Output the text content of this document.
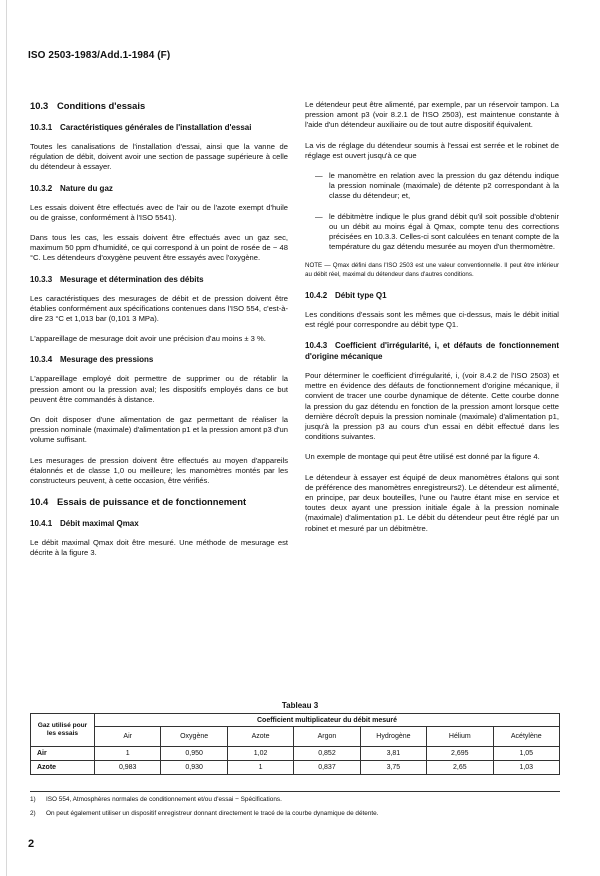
ISO 2503-1983/Add.1-1984 (F)
10.3 Conditions d'essais
10.3.1 Caractéristiques générales de l'installation d'essai

Toutes les canalisations de l'installation d'essai, ainsi que la vanne de régulation de débit, doivent avoir une section de passage supérieure à celle du détendeur à essayer.

10.3.2 Nature du gaz

Les essais doivent être effectués avec de l'air ou de l'azote exempt d'huile ou de graisse, conformément à l'ISO 5541).

Dans tous les cas, les essais doivent être effectués avec un gaz sec, maximum 50 ppm d'humidité, ce qui correspond à un point de rosée de − 48 °C. Les détendeurs d'oxygène peuvent être essayés avec l'oxygène.

10.3.3 Mesurage et détermination des débits

Les caractéristiques des mesurages de débit et de pression doivent être établies conformément aux spécifications contenues dans l'ISO 554, c'est-à-dire 23 °C et 1,013 bar (0,101 3 MPa).

L'appareillage de mesurage doit avoir une précision d'au moins ± 3 %.

10.3.4 Mesurage des pressions

L'appareillage employé doit permettre de supprimer ou de rétablir la pression amont ou la pression aval; les dispositifs employés dans ce but peuvent être commandés à distance.

On doit disposer d'une alimentation de gaz permettant de réaliser la pression nominale (maximale) d'alimentation p1 et la pression amont p3 d'un volume suffisant.

Les mesurages de pression doivent être effectués au moyen d'appareils étalonnés et de classe 1,0 ou meilleure; les manomètres montés par les constructeurs peuvent, à cette occasion, être vérifiés.

10.4 Essais de puissance et de fonctionnement
10.4.1 Débit maximal Qmax

Le débit maximal Qmax doit être mesuré. Une méthode de mesurage est décrite à la figure 3.

Le détendeur peut être alimenté, par exemple, par un réservoir tampon. La pression amont p3 (voir 8.2.1 de l'ISO 2503), est maintenue constante à l'aide d'un détendeur auxiliaire ou de tout autre dispositif équivalent.

La vis de réglage du détendeur soumis à l'essai est serrée et le robinet de réglage est ouvert jusqu'à ce que

— le manomètre en relation avec la pression du gaz détendu indique la pression nominale (maximale) de détente p2 correspondant à la classe du détendeur; et,
— le débitmètre indique le plus grand débit qu'il soit possible d'obtenir ou un débit au moins égal à Qmax, compte tenu des corrections précisées en 10.3.3. Celles-ci sont calculées en tenant compte de la température du gaz détendu mesurée au moyen d'un thermomètre.

NOTE — Qmax défini dans l'ISO 2503 est une valeur conventionnelle. Il peut être inférieur au débit réel, maximal du détendeur dans d'autres conditions.

10.4.2 Débit type Q1

Les conditions d'essais sont les mêmes que ci-dessus, mais le débit initial est réglé pour correspondre au débit type Q1.

10.4.3 Coefficient d'irrégularité, i, et défauts de fonctionnement d'origine mécanique

Pour déterminer le coefficient d'irrégularité, i, (voir 8.4.2 de l'ISO 2503) et mettre en évidence des défauts de fonctionnement d'origine mécanique, il convient de tracer une courbe dynamique de détente. Cette courbe donne la pression du gaz détendu en fonction de la pression amont lorsque cette dernière décroît depuis la pression nominale (maximale) d'alimentation p1, jusqu'à la pression p3 au cours d'un essai en débit effectué dans les conditions suivantes.

Un exemple de montage qui peut être utilisé est donné par la figure 4.

Le détendeur à essayer est équipé de deux manomètres étalons qui sont de préférence des manomètres enregistreurs2). Le détendeur est alimenté, en principe, par deux bouteilles, l'une ou l'autre étant mise en service et toutes deux ayant une pression initiale égale à la pression nominale (maximale) d'alimentation p1. Le débit du détendeur peut être réglé par un robinet et mesuré par un débitmètre.

Tableau 3
Gaz utilisé pour les essais	Coefficient multiplicateur du débit mesuré						
	Air	Oxygène	Azote	Argon	Hydrogène	Hélium	Acétylène
Air	1	0,950	1,02	0,852	3,81	2,695	1,05
Azote	0,983	0,930	1	0,837	3,75	2,65	1,03
1) ISO 554, Atmosphères normales de conditionnement et/ou d'essai − Spécifications.
2) On peut également utiliser un dispositif enregistreur donnant directement le tracé de la courbe dynamique de détente.
2
